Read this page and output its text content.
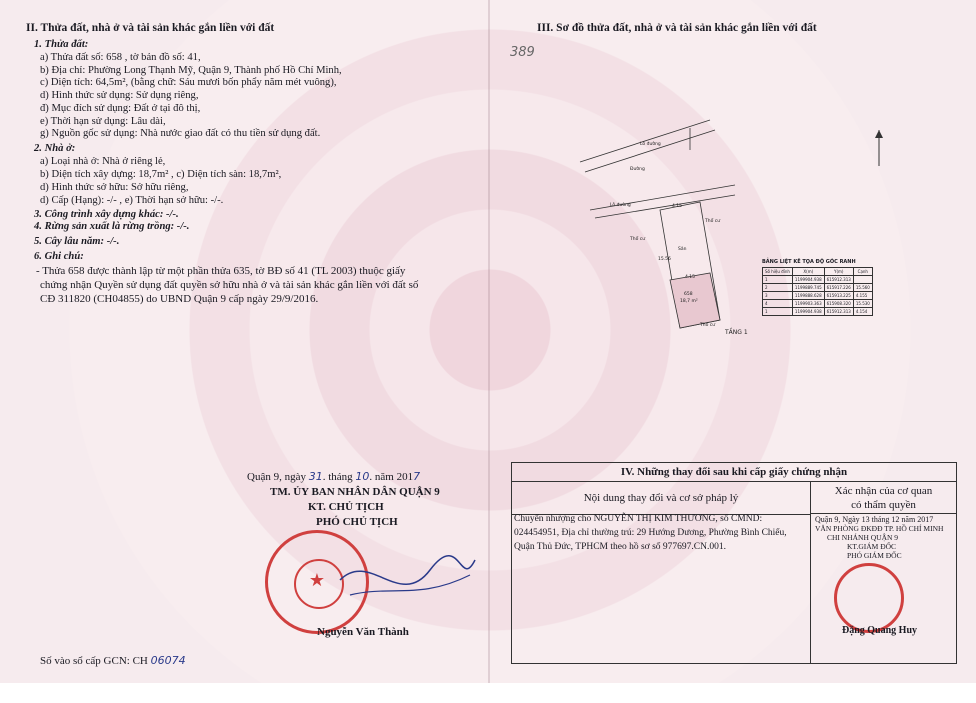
II. Thửa đất, nhà ở và tài sản khác gắn liền với đất
1. Thửa đất:
a) Thửa đất số: 658 , tờ bản đồ số: 41,
b) Địa chỉ: Phường Long Thạnh Mỹ, Quận 9, Thành phố Hồ Chí Minh,
c) Diện tích: 64,5m², (bằng chữ: Sáu mươi bốn phẩy năm mét vuông),
d) Hình thức sử dụng: Sử dụng riêng,
đ) Mục đích sử dụng: Đất ở tại đô thị,
e) Thời hạn sử dụng: Lâu dài,
g) Nguồn gốc sử dụng: Nhà nước giao đất có thu tiền sử dụng đất.
2. Nhà ở:
a) Loại nhà ở: Nhà ở riêng lẻ,
b) Diện tích xây dựng: 18,7m² , c) Diện tích sàn: 18,7m²,
d) Hình thức sở hữu: Sở hữu riêng,
d) Cấp (Hạng): -/- , e) Thời hạn sở hữu: -/-.
3. Công trình xây dựng khác: -/-.
4. Rừng sản xuất là rừng trồng: -/-.
5. Cây lâu năm: -/-.
6. Ghi chú:
- Thửa 658 được thành lập từ một phần thửa 635, tờ BĐ số 41 (TL 2003) thuộc giấy
chứng nhận Quyền sử dụng đất quyền sở hữu nhà ở và tài sản khác gắn liền với đất số
CĐ 311820 (CH04855) do UBND Quận 9 cấp ngày 29/9/2016.
Quận 9, ngày 31. tháng 10. năm 2017
TM. ỦY BAN NHÂN DÂN QUẬN 9
KT. CHỦ TỊCH
PHÓ CHỦ TỊCH
★
Nguyễn Văn Thành
Số vào sổ cấp GCN: CH 06074
III. Sơ đồ thửa đất, nhà ở và tài sản khác gắn liền với đất
389
Lô đường
Đường
Lô đường
Thổ cư
Thổ cư
Thổ cư
Sân
658
18,7 m²
4.15
4.15
15.56
TẦNG 1
BẢNG LIỆT KÊ TỌA ĐỘ GÓC RANH
Số hiệu đỉnh	X(m)	Y(m)	Cạnh
1	1199904.938	615912.313	
2	1199889.745	615917.226	15.560
3	1199888.628	615913.225	4.155
4	1199903.363	615908.320	15.530
1	1199904.938	615912.313	4.154
IV. Những thay đổi sau khi cấp giấy chứng nhận
Nội dung thay đổi và cơ sở pháp lý
Xác nhận của cơ quan
có thẩm quyền
Chuyển nhượng cho NGUYỄN THỊ KIM THƯƠNG, số CMND:
024454951, Địa chỉ thường trú: 29 Hướng Dương, Phường Bình Chiểu,
Quận Thủ Đức, TPHCM theo hồ sơ số 977697.CN.001.
Quận 9, Ngày 13 tháng 12 năm 2017
VĂN PHÒNG ĐKĐĐ TP. HỒ CHÍ MINH
CHI NHÁNH QUẬN 9
KT.GIÁM ĐỐC
PHÓ GIÁM ĐỐC
Đặng Quang Huy
